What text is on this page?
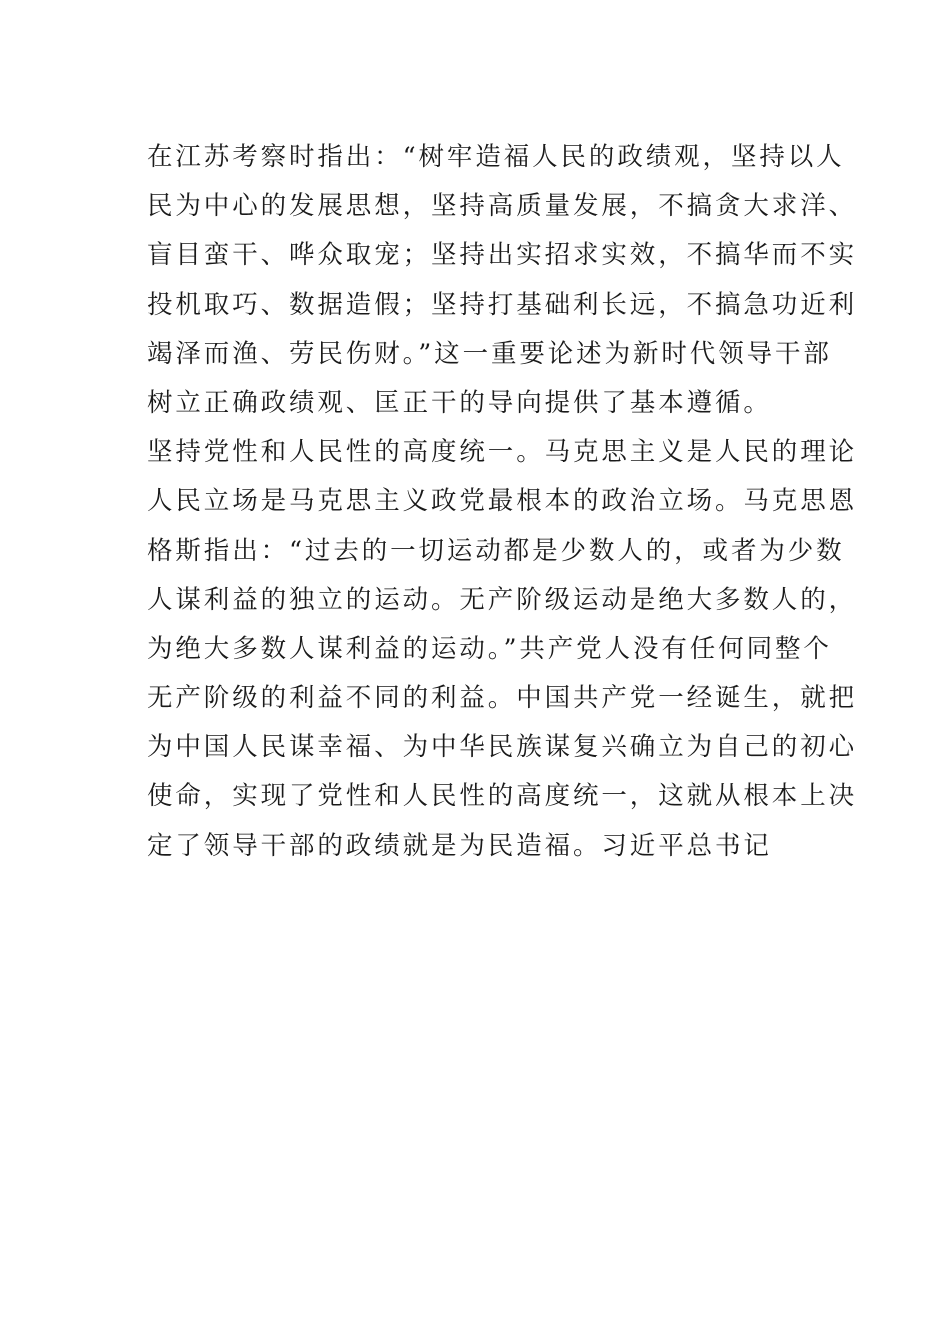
在江苏考察时指出：“树牢造福人民的政绩观，坚持以人
民为中心的发展思想，坚持高质量发展，不搞贪大求洋、
盲目蛮干、哗众取宠；坚持出实招求实效，不搞华而不实
投机取巧、数据造假；坚持打基础利长远，不搞急功近利
竭泽而渔、劳民伤财。”这一重要论述为新时代领导干部
树立正确政绩观、匡正干的导向提供了基本遵循。
坚持党性和人民性的高度统一。马克思主义是人民的理论
人民立场是马克思主义政党最根本的政治立场。马克思恩
格斯指出：“过去的一切运动都是少数人的，或者为少数
人谋利益的独立的运动。无产阶级运动是绝大多数人的，
为绝大多数人谋利益的运动。”共产党人没有任何同整个
无产阶级的利益不同的利益。中国共产党一经诞生，就把
为中国人民谋幸福、为中华民族谋复兴确立为自己的初心
使命，实现了党性和人民性的高度统一，这就从根本上决
定了领导干部的政绩就是为民造福。习近平总书记
